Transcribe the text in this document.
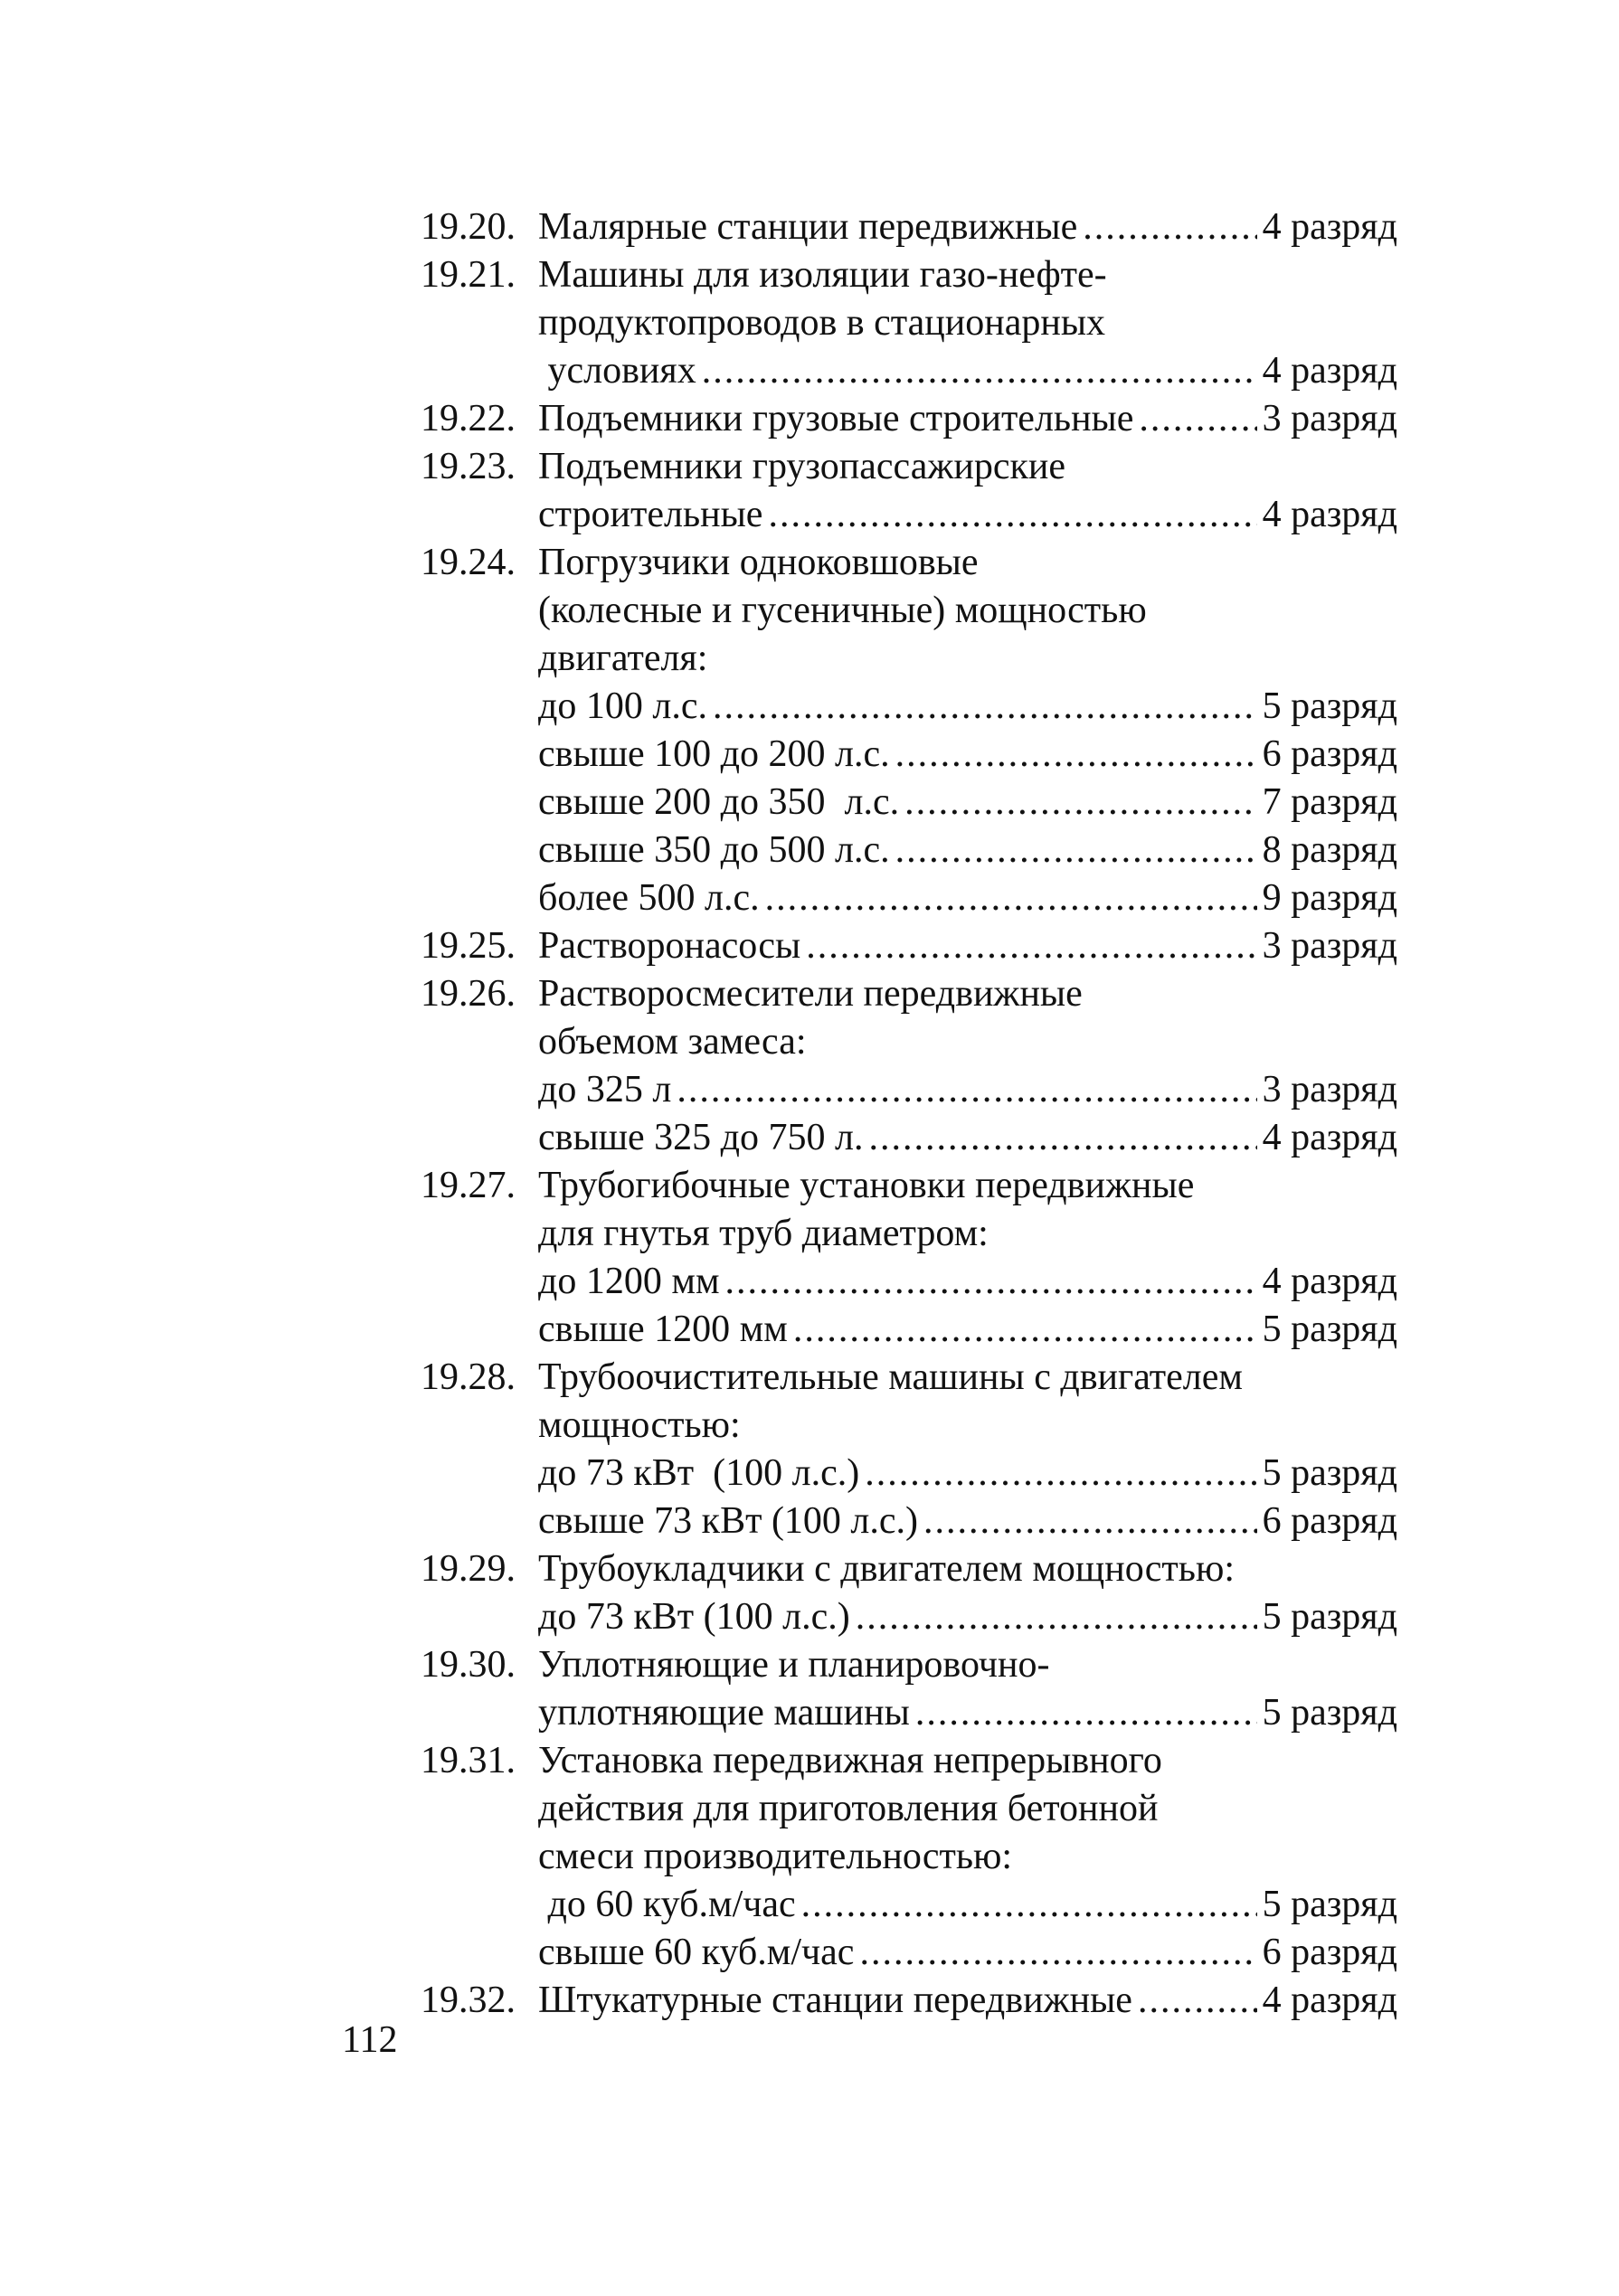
19.20. Малярные станции передвижные .....	4 разряд
19.21. Машины для изоляции газо-нефте-
продуктопроводов в стационарных
условиях .....	4 разряд
19.22. Подъемники грузовые строительные .....	3 разряд
19.23. Подъемники грузопассажирские
строительные .....	4 разряд
19.24. Погрузчики одноковшовые
(колесные и гусеничные) мощностью
двигателя:
до 100 л.с. .....	5 разряд
свыше 100 до 200 л.с. .....	6 разряд
свыше 200 до 350  л.с. .....	7 разряд
свыше 350 до 500 л.с. .....	8 разряд
более 500 л.с. .....	9 разряд
19.25. Растворонасосы .....	3 разряд
19.26. Растворосмесители передвижные
объемом замеса:
до 325 л .....	3 разряд
свыше 325 до 750 л. .....	4 разряд
19.27. Трубогибочные установки передвижные
для гнутья труб диаметром:
до 1200 мм .....	4 разряд
свыше 1200 мм .....	5 разряд
19.28. Трубоочистительные машины с двигателем
мощностью:
до 73 кВт  (100 л.с.) .....	5 разряд
свыше 73 кВт (100 л.с.) .....	6 разряд
19.29. Трубоукладчики с двигателем мощностью:
до 73 кВт (100 л.с.) .....	5 разряд
19.30. Уплотняющие и планировочно-
уплотняющие машины .....	5 разряд
19.31. Установка передвижная непрерывного
действия для приготовления бетонной
смеси производительностью:
до 60 куб.м/час .....	5 разряд
свыше 60 куб.м/час .....	6 разряд
19.32. Штукатурные станции передвижные .....	4 разряд
112
